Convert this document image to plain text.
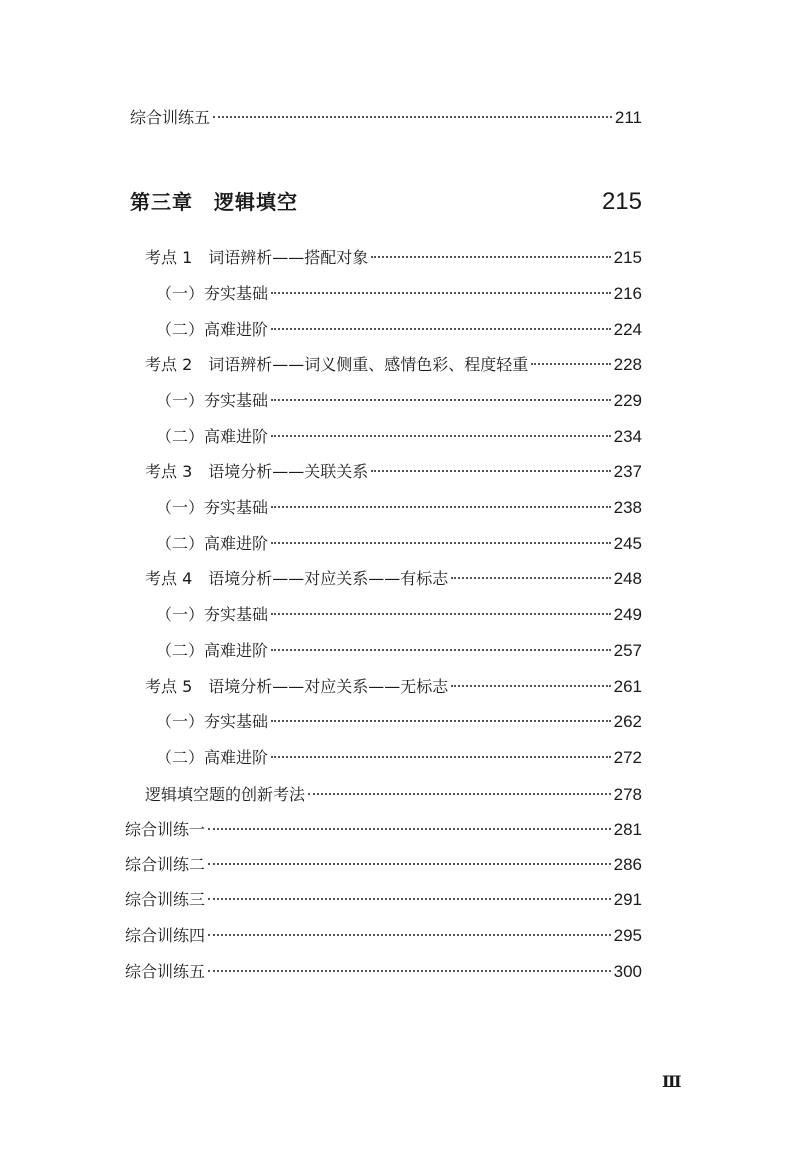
综合训练五	211
第三章　逻辑填空	215
考点 1　词语辨析——搭配对象	215
（一）夯实基础	216
（二）高难进阶	224
考点 2　词语辨析——词义侧重、感情色彩、程度轻重	228
（一）夯实基础	229
（二）高难进阶	234
考点 3　语境分析——关联关系	237
（一）夯实基础	238
（二）高难进阶	245
考点 4　语境分析——对应关系——有标志	248
（一）夯实基础	249
（二）高难进阶	257
考点 5　语境分析——对应关系——无标志	261
（一）夯实基础	262
（二）高难进阶	272
逻辑填空题的创新考法	278
综合训练一	281
综合训练二	286
综合训练三	291
综合训练四	295
综合训练五	300
Ⅲ
